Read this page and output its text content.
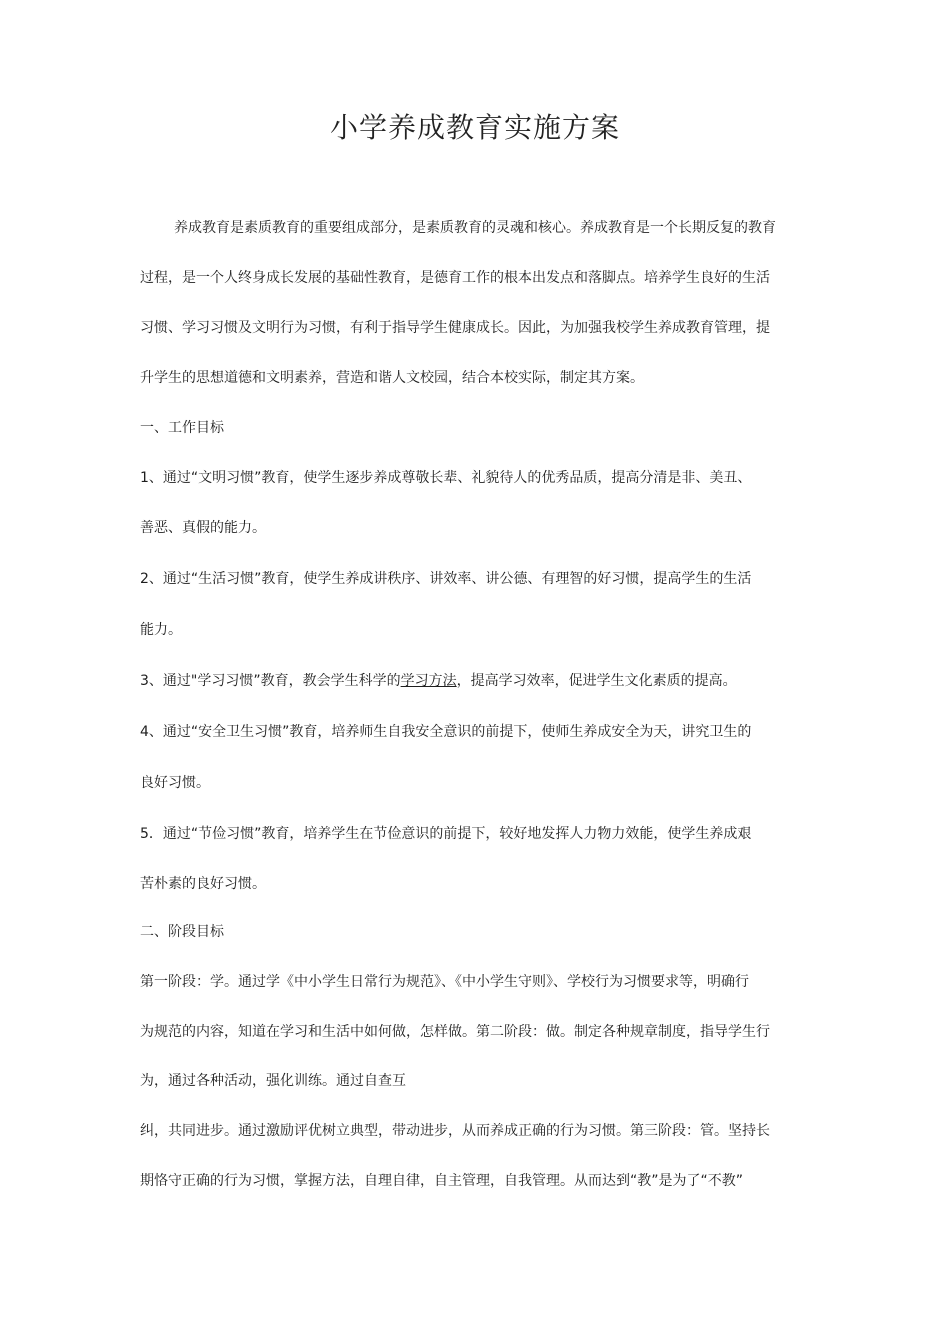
小学养成教育实施方案
养成教育是素质教育的重要组成部分，是素质教育的灵魂和核心。养成教育是一个长期反复的教育
过程，是一个人终身成长发展的基础性教育，是德育工作的根本出发点和落脚点。培养学生良好的生活
习惯、学习习惯及文明行为习惯，有利于指导学生健康成长。因此，为加强我校学生养成教育管理，提
升学生的思想道德和文明素养，营造和谐人文校园，结合本校实际，制定其方案。
一、工作目标
1、通过“文明习惯”教育，使学生逐步养成尊敬长辈、礼貌待人的优秀品质，提高分清是非、美丑、
善恶、真假的能力。
2、通过“生活习惯”教育，使学生养成讲秩序、讲效率、讲公德、有理智的好习惯，提高学生的生活
能力。
3、通过"学习习惯”教育，教会学生科学的学习方法，提高学习效率，促进学生文化素质的提高。
4、通过“安全卫生习惯”教育，培养师生自我安全意识的前提下，使师生养成安全为天，讲究卫生的
良好习惯。
5．通过“节俭习惯”教育，培养学生在节俭意识的前提下，较好地发挥人力物力效能，使学生养成艰
苦朴素的良好习惯。
二、阶段目标
第一阶段：学。通过学《中小学生日常行为规范》、《中小学生守则》、学校行为习惯要求等，明确行
为规范的内容，知道在学习和生活中如何做，怎样做。第二阶段：做。制定各种规章制度，指导学生行
为，通过各种活动，强化训练。通过自查互
纠，共同进步。通过激励评优树立典型，带动进步，从而养成正确的行为习惯。第三阶段：管。坚持长
期恪守正确的行为习惯，掌握方法，自理自律，自主管理，自我管理。从而达到“教”是为了“不教”
